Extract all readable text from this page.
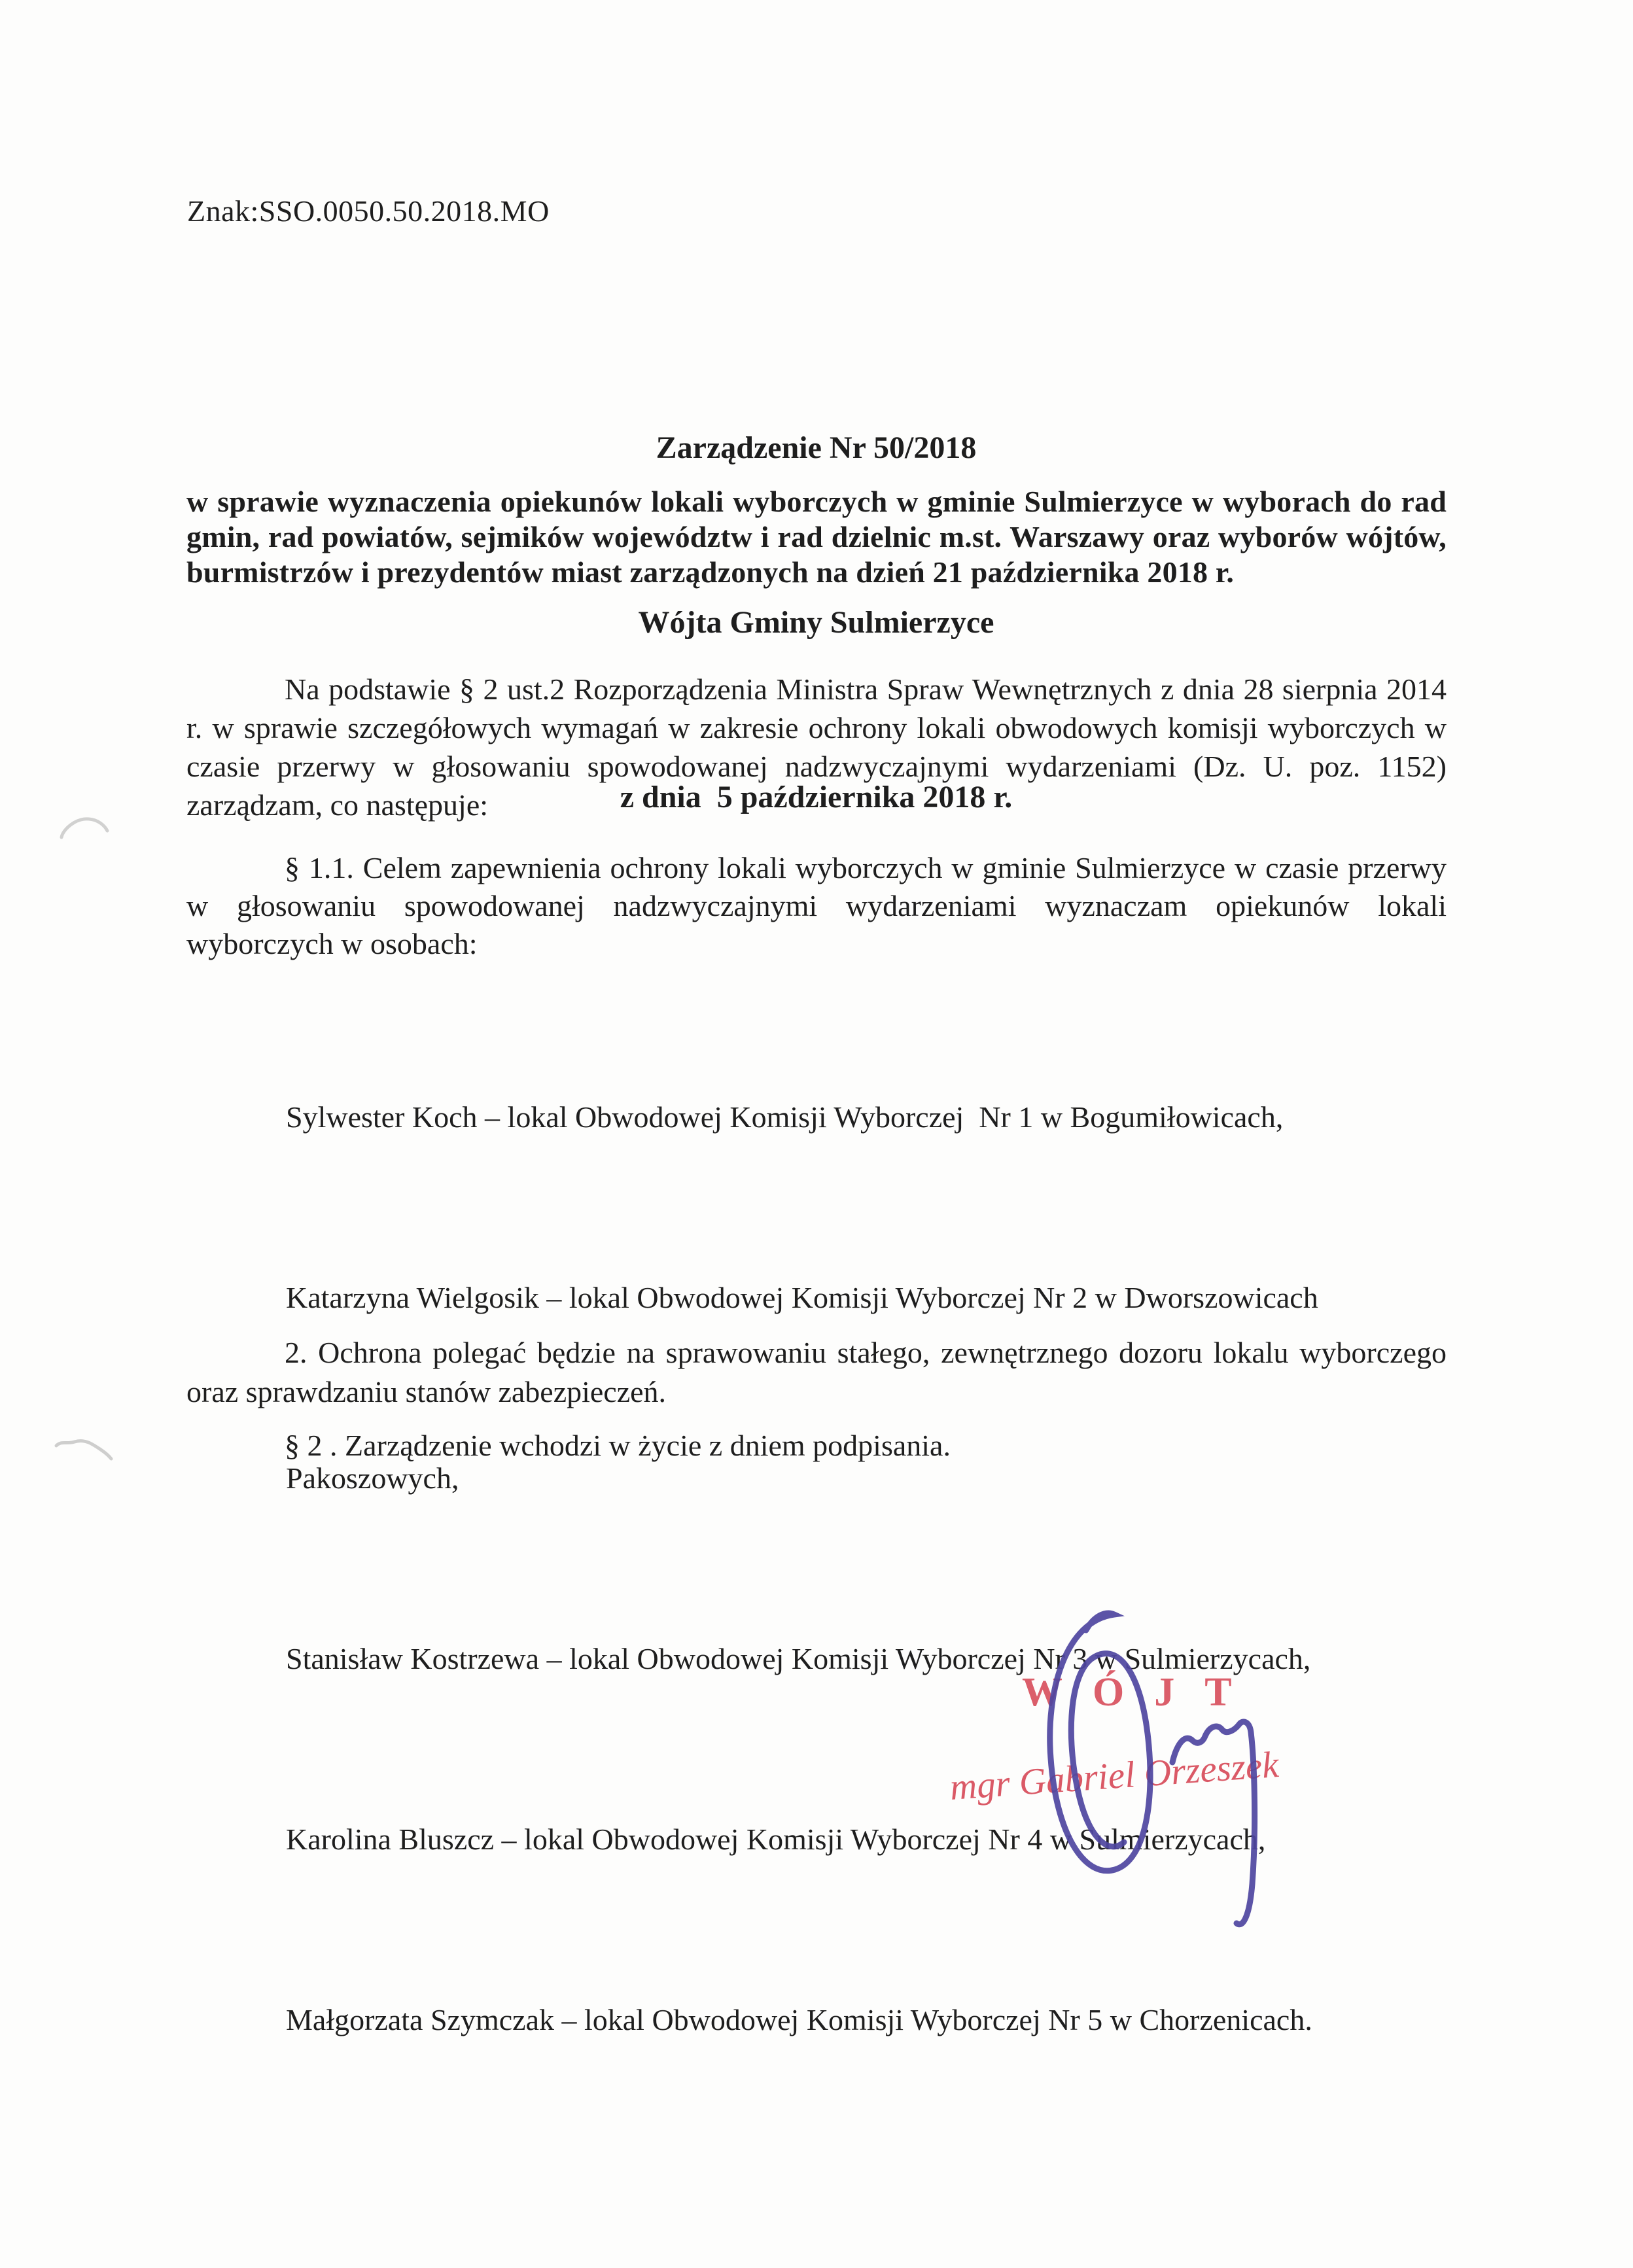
Znak:SSO.0050.50.2018.MO

Zarządzenie Nr 50/2018

Wójta Gminy Sulmierzyce

z dnia  5 października 2018 r.

w sprawie wyznaczenia opiekunów lokali wyborczych w gminie Sulmierzyce w wyborach do rad gmin, rad powiatów, sejmików województw i rad dzielnic m.st. Warszawy oraz wyborów wójtów, burmistrzów i prezydentów miast zarządzonych na dzień 21 października 2018 r.
Na podstawie § 2 ust.2 Rozporządzenia Ministra Spraw Wewnętrznych z dnia 28 sierpnia 2014 r. w sprawie szczegółowych wymagań w zakresie ochrony lokali obwodowych komisji wyborczych w czasie przerwy w głosowaniu spowodowanej nadzwyczajnymi wydarzeniami (Dz. U. poz. 1152) zarządzam, co następuje:
§ 1.1. Celem zapewnienia ochrony lokali wyborczych w gminie Sulmierzyce w czasie przerwy w głosowaniu spowodowanej nadzwyczajnymi wydarzeniami wyznaczam opiekunów lokali wyborczych w osobach:

Sylwester Koch – lokal Obwodowej Komisji Wyborczej  Nr 1 w Bogumiłowicach,

Katarzyna Wielgosik – lokal Obwodowej Komisji Wyborczej Nr 2 w Dworszowicach

Pakoszowych,

Stanisław Kostrzewa – lokal Obwodowej Komisji Wyborczej Nr 3 w Sulmierzycach,

Karolina Bluszcz – lokal Obwodowej Komisji Wyborczej Nr 4 w Sulmierzycach,

Małgorzata Szymczak – lokal Obwodowej Komisji Wyborczej Nr 5 w Chorzenicach.

2. Ochrona polegać będzie na sprawowaniu stałego, zewnętrznego dozoru lokalu wyborczego oraz sprawdzaniu stanów zabezpieczeń.
§ 2 . Zarządzenie wchodzi w życie z dniem podpisania.
WÓJT
mgr Gabriel Orzeszek
